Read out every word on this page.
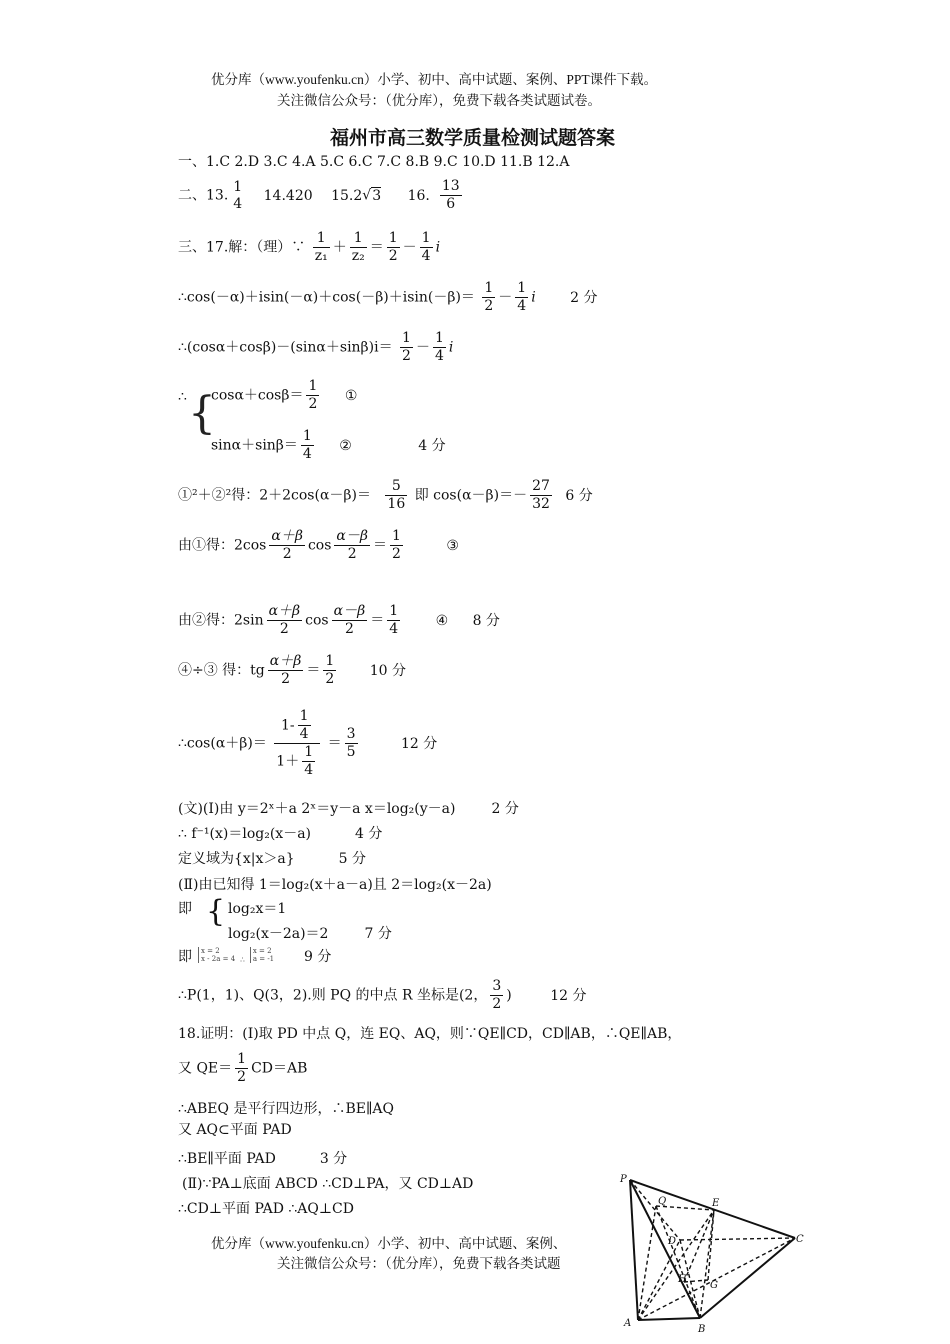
优分库（www.youfenku.cn）小学、初中、高中试题、案例、PPT课件下载。
关注微信公众号：（优分库），免费下载各类试题试卷。
福州市高三数学质量检测试题答案
一、1.C 2.D 3.C 4.A 5.C 6.C 7.C 8.B 9.C 10.D 11.B 12.A
二、13.
1
4 14.420 15.2√3 16. $\frac{13}{6}$
三、17.解：（理）∵ $\frac{1}{\text{z₁}} + \frac{1}{\text{z₂}} = \frac{1}{2} - \frac{1}{4}$ i
∴cos(－α)＋isin(－α)＋cos(－β)＋isin(－β)＝ $\frac{1}{2} - \frac{1}{4}$ i 2 分
∴(cosα＋cosβ)－(sinα＋sinβ)i＝ $\frac{1}{2} - \frac{1}{4}$ i
∴ {
$\cos\alpha+\cos\beta= \frac{1}{2}$ ①
$\sin\alpha+\sin\beta= \frac{1}{4}$ ②	4 分
①²＋②²得：$2+2\cos(\alpha-\beta)= \frac{5}{16}$ 即 $\cos(\alpha-\beta)=- \frac{27}{32} 6$ 分
由①得：$2\cos \frac{\alpha+\beta}{2}$ $\cos \frac{\alpha-\beta}{2} = \frac{1}{2}$	③
由②得：$2\sin \frac{\alpha+\beta}{2}$ $\cos \frac{\alpha-\beta}{2} = \frac{1}{4}$	④ 8 分
④÷③ 得：tg $\frac{\alpha+\beta}{2} = \frac{1}{2} 10$ 分
∴cos(α＋β)＝ $\frac{1- \frac{1}{4}}{1+ \frac{1}{4}} = \frac{3}{5}$	12 分
(文)(Ⅰ)由 y＝2ˣ＋a 2ˣ＝y－a x＝log₂(y－a)	2 分
∴ f⁻¹(x)＝log₂(x－a)	4 分
定义域为{x|x＞a}	5 分
(Ⅱ)由已知得 1＝log₂(x＋a－a)且 2＝log₂(x－2a)
即 { log₂x＝1
log₂(x－2a)＝2	7 分
即 x = 2
x - 2a = 4 ∴
x = 2
a = -1 9 分
∴P(1，1)、Q(3，2).则 PQ 的中点 R 坐标是(2， $\frac{3}{2}$ ) 12 分
18.证明：(Ⅰ)取 PD 中点 Q，连 EQ、AQ，则∵QE∥CD，CD∥AB，∴QE∥AB，
又 $QE= \frac{1}{2} CD=AB$
∴ABEQ 是平行四边形，∴BE∥AQ
又 AQ⊂平面 PAD
∴BE∥平面 PAD	3 分
(Ⅱ)∵PA⊥底面 ABCD ∴CD⊥PA，又 CD⊥AD
∴CD⊥平面 PAD ∴AQ⊥CD
优分库（www.youfenku.cn）小学、初中、高中试题、案例、
关注微信公众号：（优分库），免费下载各类试题
P
Q	E
D
H
G
C
A
B
